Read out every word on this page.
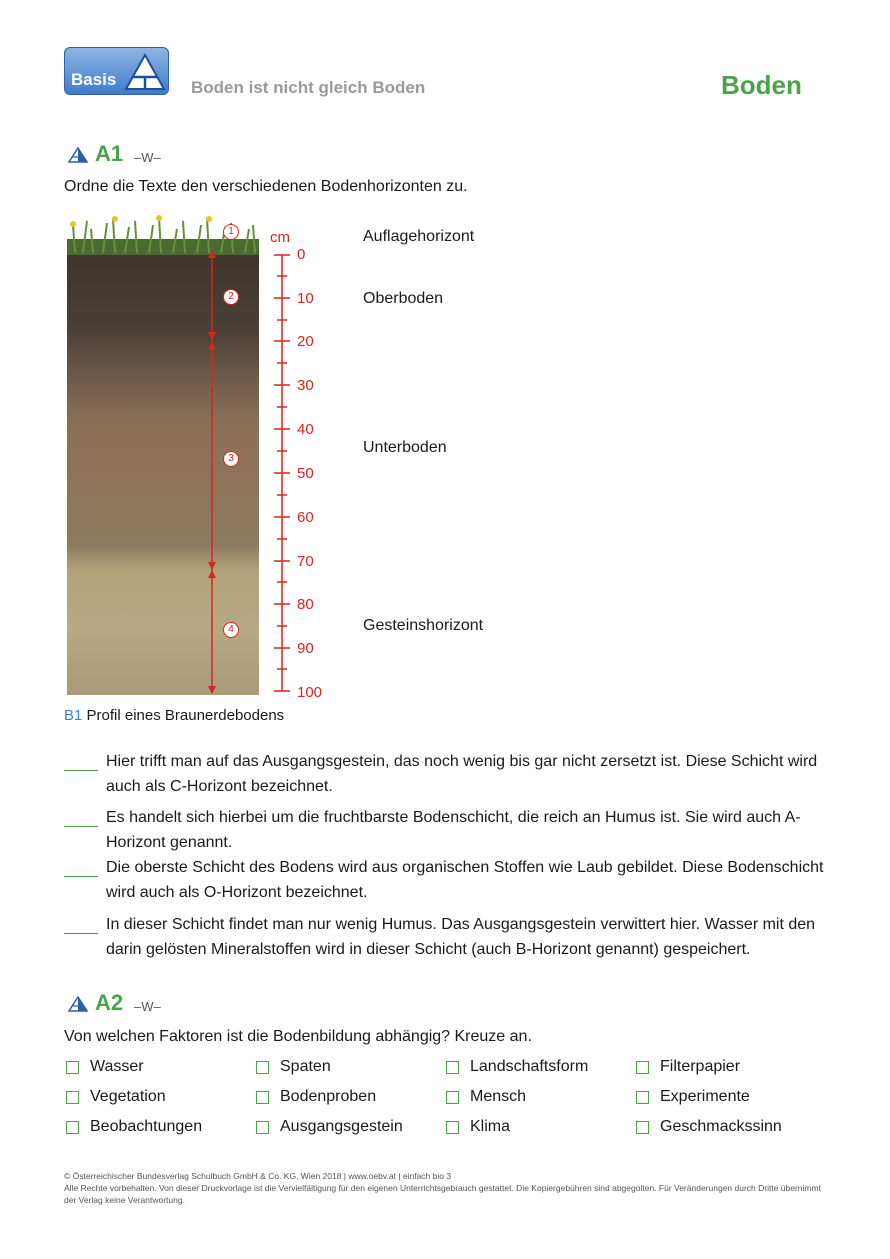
Basis	Boden ist nicht gleich Boden	Boden
A1 –W–
Ordne die Texte den verschiedenen Bodenhorizonten zu.
1
2
3
4
cm
0
10
20
30
40
50
60
70
80
90
100
Auflagehorizont
Oberboden
Unterboden
Gesteinshorizont
B1 Profil eines Braunerdebodens
Hier trifft man auf das Ausgangsgestein, das noch wenig bis gar nicht zersetzt ist. Diese Schicht wird auch als C-Horizont bezeichnet.
Es handelt sich hierbei um die fruchtbarste Bodenschicht, die reich an Humus ist. Sie wird auch A-Horizont genannt.
Die oberste Schicht des Bodens wird aus organischen Stoffen wie Laub gebildet. Diese Bodenschicht wird auch als O-Horizont bezeichnet.
In dieser Schicht findet man nur wenig Humus. Das Ausgangsgestein verwittert hier. Wasser mit den darin gelösten Mineralstoffen wird in dieser Schicht (auch B-Horizont genannt) gespeichert.
A2 –W–
Von welchen Faktoren ist die Bodenbildung abhängig? Kreuze an.
Wasser	Spaten	Landschaftsform	Filterpapier
Vegetation	Bodenproben	Mensch	Experimente
Beobachtungen	Ausgangsgestein	Klima	Geschmackssinn
© Österreichischer Bundesverlag Schulbuch GmbH & Co. KG, Wien 2018 | www.oebv.at | einfach bio 3
Alle Rechte vorbehalten. Von dieser Druckvorlage ist die Vervielfältigung für den eigenen Unterrichtsgebrauch gestattet. Die Kopiergebühren sind abgegolten. Für Veränderungen durch Dritte übernimmt der Verlag keine Verantwortung.
